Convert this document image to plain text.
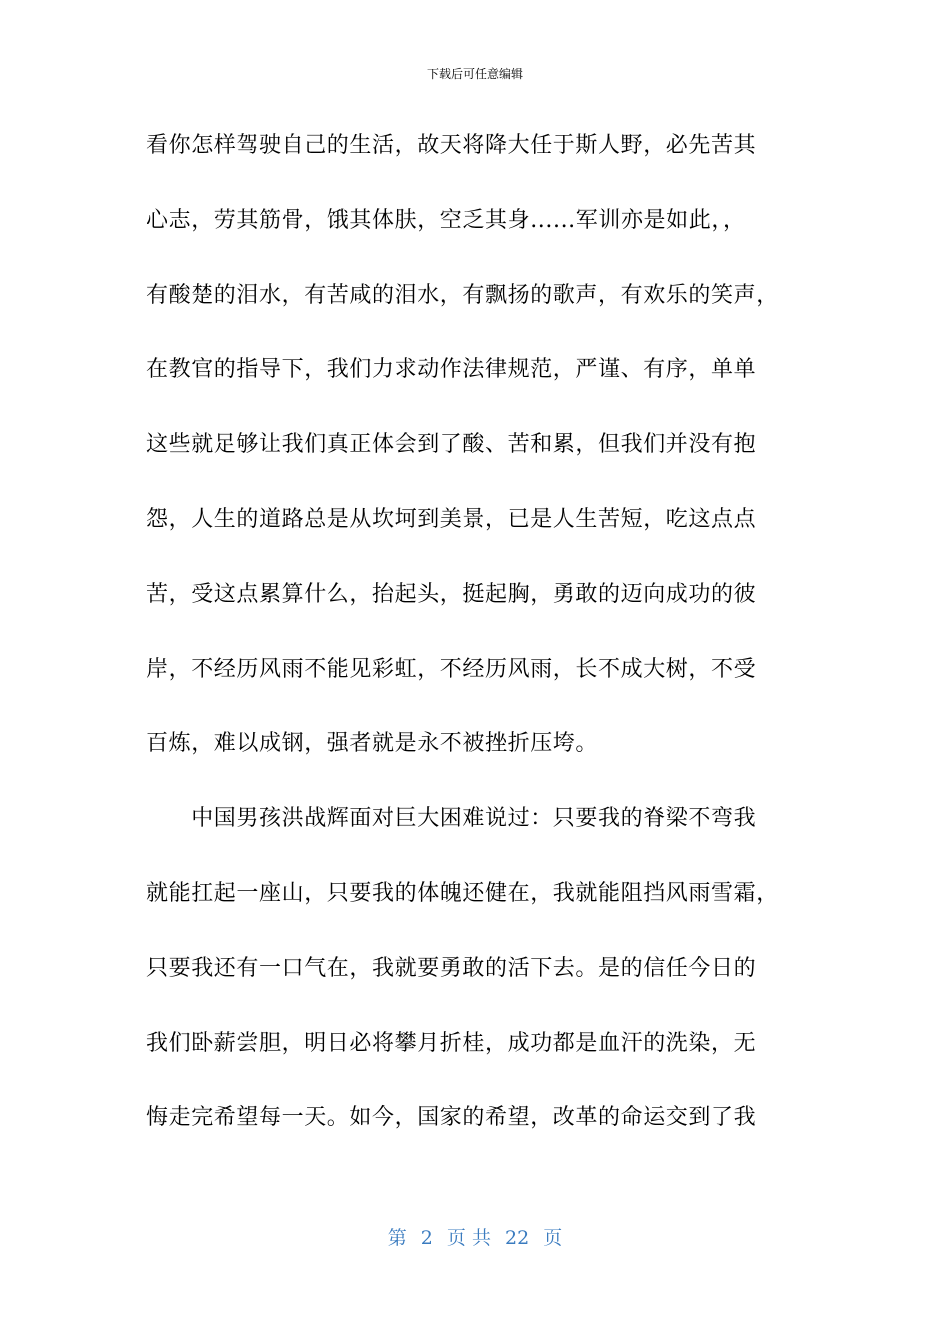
下载后可任意编辑
看你怎样驾驶自己的生活，故天将降大任于斯人野，必先苦其
心志，劳其筋骨，饿其体肤，空乏其身......军训亦是如此，，
有酸楚的泪水，有苦咸的泪水，有飘扬的歌声，有欢乐的笑声，
在教官的指导下，我们力求动作法律规范，严谨、有序，单单
这些就足够让我们真正体会到了酸、苦和累，但我们并没有抱
怨，人生的道路总是从坎坷到美景，已是人生苦短，吃这点点
苦，受这点累算什么，抬起头，挺起胸，勇敢的迈向成功的彼
岸，不经历风雨不能见彩虹，不经历风雨，长不成大树，不受
百炼，难以成钢，强者就是永不被挫折压垮。
　　中国男孩洪战辉面对巨大困难说过：只要我的脊梁不弯我
就能扛起一座山，只要我的体魄还健在，我就能阻挡风雨雪霜，
只要我还有一口气在，我就要勇敢的活下去。是的信任今日的
我们卧薪尝胆，明日必将攀月折桂，成功都是血汗的洗染，无
悔走完希望每一天。如今，国家的希望，改革的命运交到了我
第 2 页 共 22 页
